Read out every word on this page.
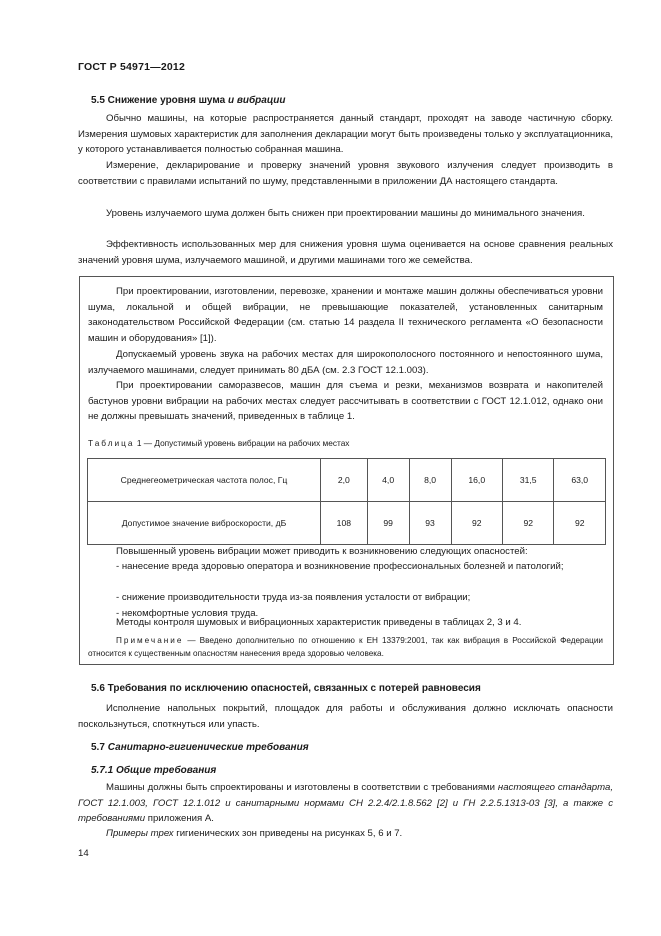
ГОСТ Р 54971—2012
5.5 Снижение уровня шума и вибрации
Обычно машины, на которые распространяется данный стандарт, проходят на заводе частичную сборку. Измерения шумовых характеристик для заполнения декларации могут быть произведены только у эксплуатационника, у которого устанавливается полностью собранная машина.
Измерение, декларирование и проверку значений уровня звукового излучения следует производить в соответствии с правилами испытаний по шуму, представленными в приложении ДА настоящего стандарта.
Уровень излучаемого шума должен быть снижен при проектировании машины до минимального значения.
Эффективность использованных мер для снижения уровня шума оценивается на основе сравнения реальных значений уровня шума, излучаемого машиной, и другими машинами того же семейства.
При проектировании, изготовлении, перевозке, хранении и монтаже машин должны обеспечиваться уровни шума, локальной и общей вибрации, не превышающие показателей, установленных санитарным законодательством Российской Федерации (см. статью 14 раздела II технического регламента «О безопасности машин и оборудования» [1]).
Допускаемый уровень звука на рабочих местах для широкополосного постоянного и непостоянного шума, излучаемого машинами, следует принимать 80 дБА (см. 2.3 ГОСТ 12.1.003).
При проектировании саморазвесов, машин для съема и резки, механизмов возврата и накопителей бастунов уровни вибрации на рабочих местах следует рассчитывать в соответствии с ГОСТ 12.1.012, однако они не должны превышать значений, приведенных в таблице 1.
Таблица 1 — Допустимый уровень вибрации на рабочих местах
Среднегеометрическая частота полос, Гц	2,0	4,0	8,0	16,0	31,5	63,0
Допустимое значение виброскорости, дБ	108	99	93	92	92	92
Повышенный уровень вибрации может приводить к возникновению следующих опасностей:
- нанесение вреда здоровью оператора и возникновение профессиональных болезней и патологий;
- снижение производительности труда из-за появления усталости от вибрации;
- некомфортные условия труда.
Методы контроля шумовых и вибрационных характеристик приведены в таблицах 2, 3 и 4.
Примечание — Введено дополнительно по отношению к ЕН 13379:2001, так как вибрация в Российской Федерации относится к существенным опасностям нанесения вреда здоровью человека.
5.6 Требования по исключению опасностей, связанных с потерей равновесия
Исполнение напольных покрытий, площадок для работы и обслуживания должно исключать опасности поскользнуться, споткнуться или упасть.
5.7 Санитарно-гигиенические требования
5.7.1 Общие требования
Машины должны быть спроектированы и изготовлены в соответствии с требованиями настоящего стандарта, ГОСТ 12.1.003, ГОСТ 12.1.012 и санитарными нормами СН 2.2.4/2.1.8.562 [2] и ГН 2.2.5.1313-03 [3], а также с требованиями приложения А.
Примеры трех гигиенических зон приведены на рисунках 5, 6 и 7.
14
